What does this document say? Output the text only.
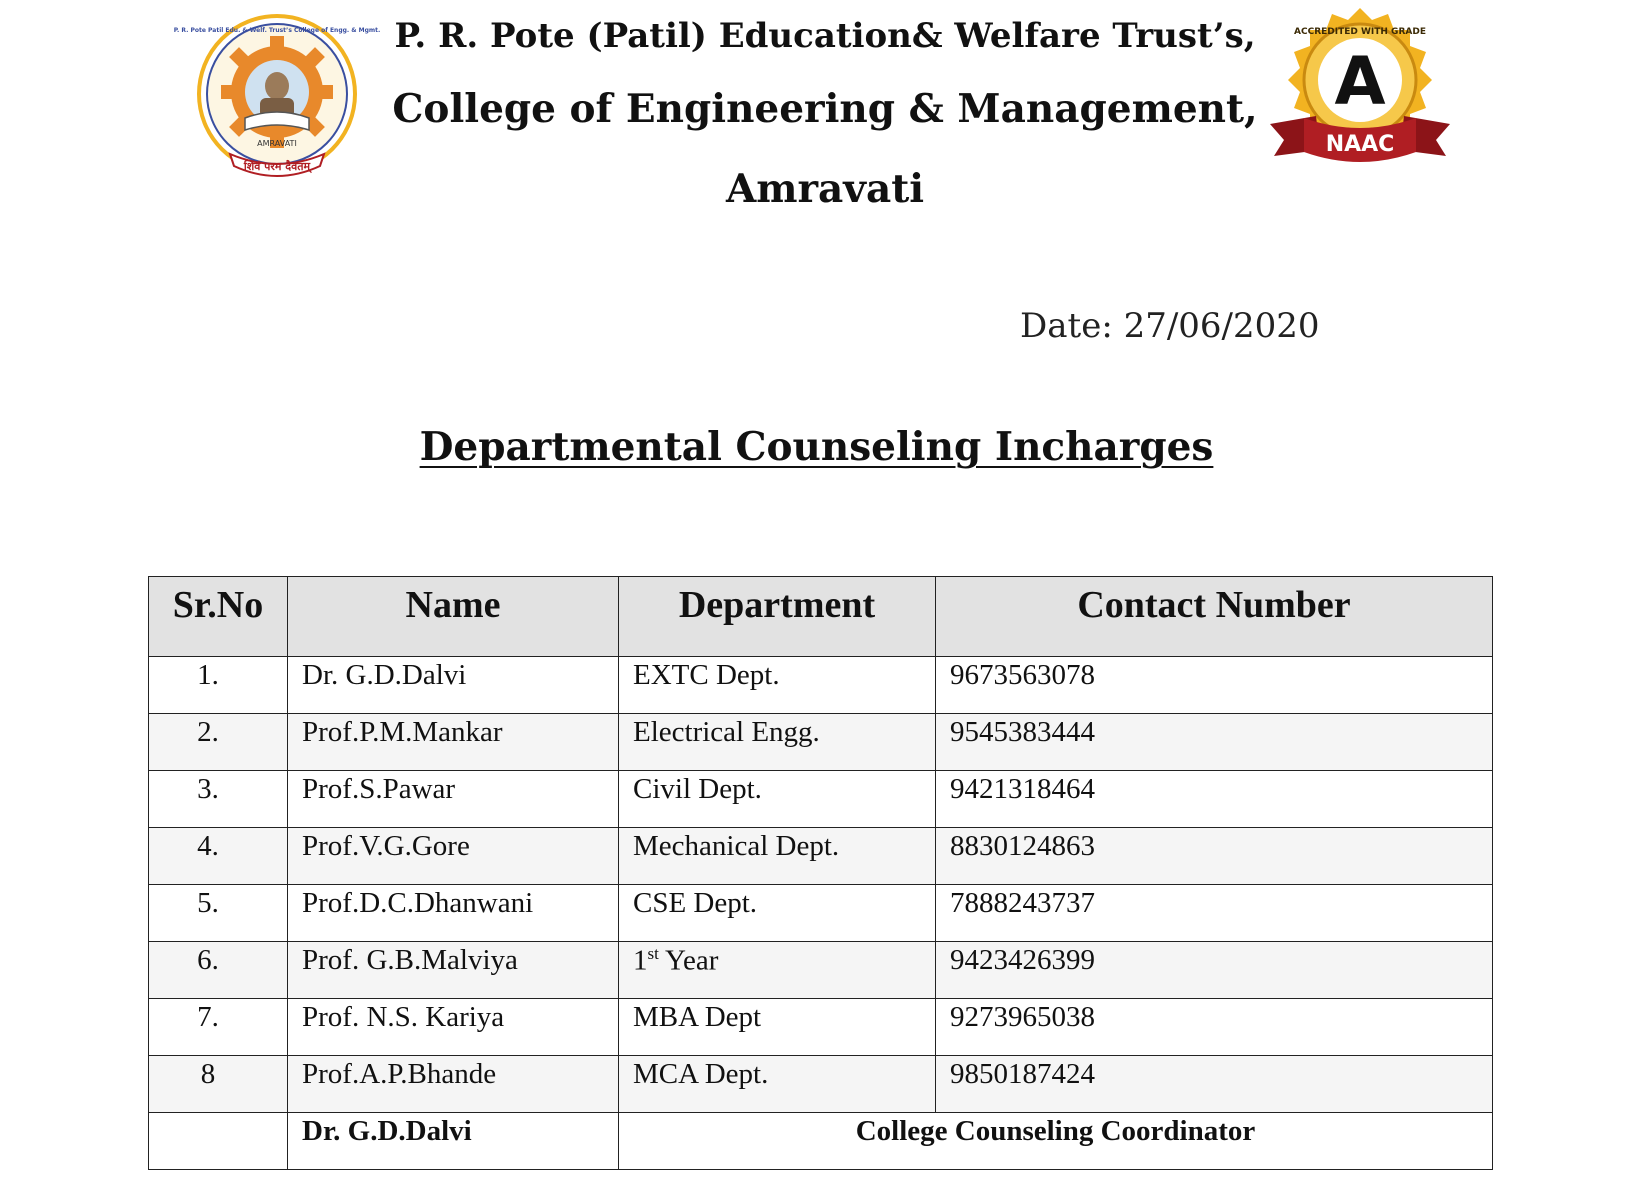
AMRAVATI
शिवं परम दैवतम्
P. R. Pote Patil Edu. & Welf. Trust’s College of Engg. & Mgmt.
A
ACCREDITED WITH GRADE
NAAC
P. R. Pote (Patil) Education& Welfare Trust’s,
College of Engineering & Management,
Amravati
Date: 27/06/2020
Departmental Counseling Incharges
Sr.No	Name	Department	Contact Number
1.	Dr. G.D.Dalvi	EXTC Dept.	9673563078
2.	Prof.P.M.Mankar	Electrical Engg.	9545383444
3.	Prof.S.Pawar	Civil Dept.	9421318464
4.	Prof.V.G.Gore	Mechanical Dept.	8830124863
5.	Prof.D.C.Dhanwani	CSE Dept.	7888243737
6.	Prof. G.B.Malviya	1st Year	9423426399
7.	Prof. N.S. Kariya	MBA Dept	9273965038
8	Prof.A.P.Bhande	MCA Dept.	9850187424
	Dr. G.D.Dalvi	College Counseling Coordinator	
